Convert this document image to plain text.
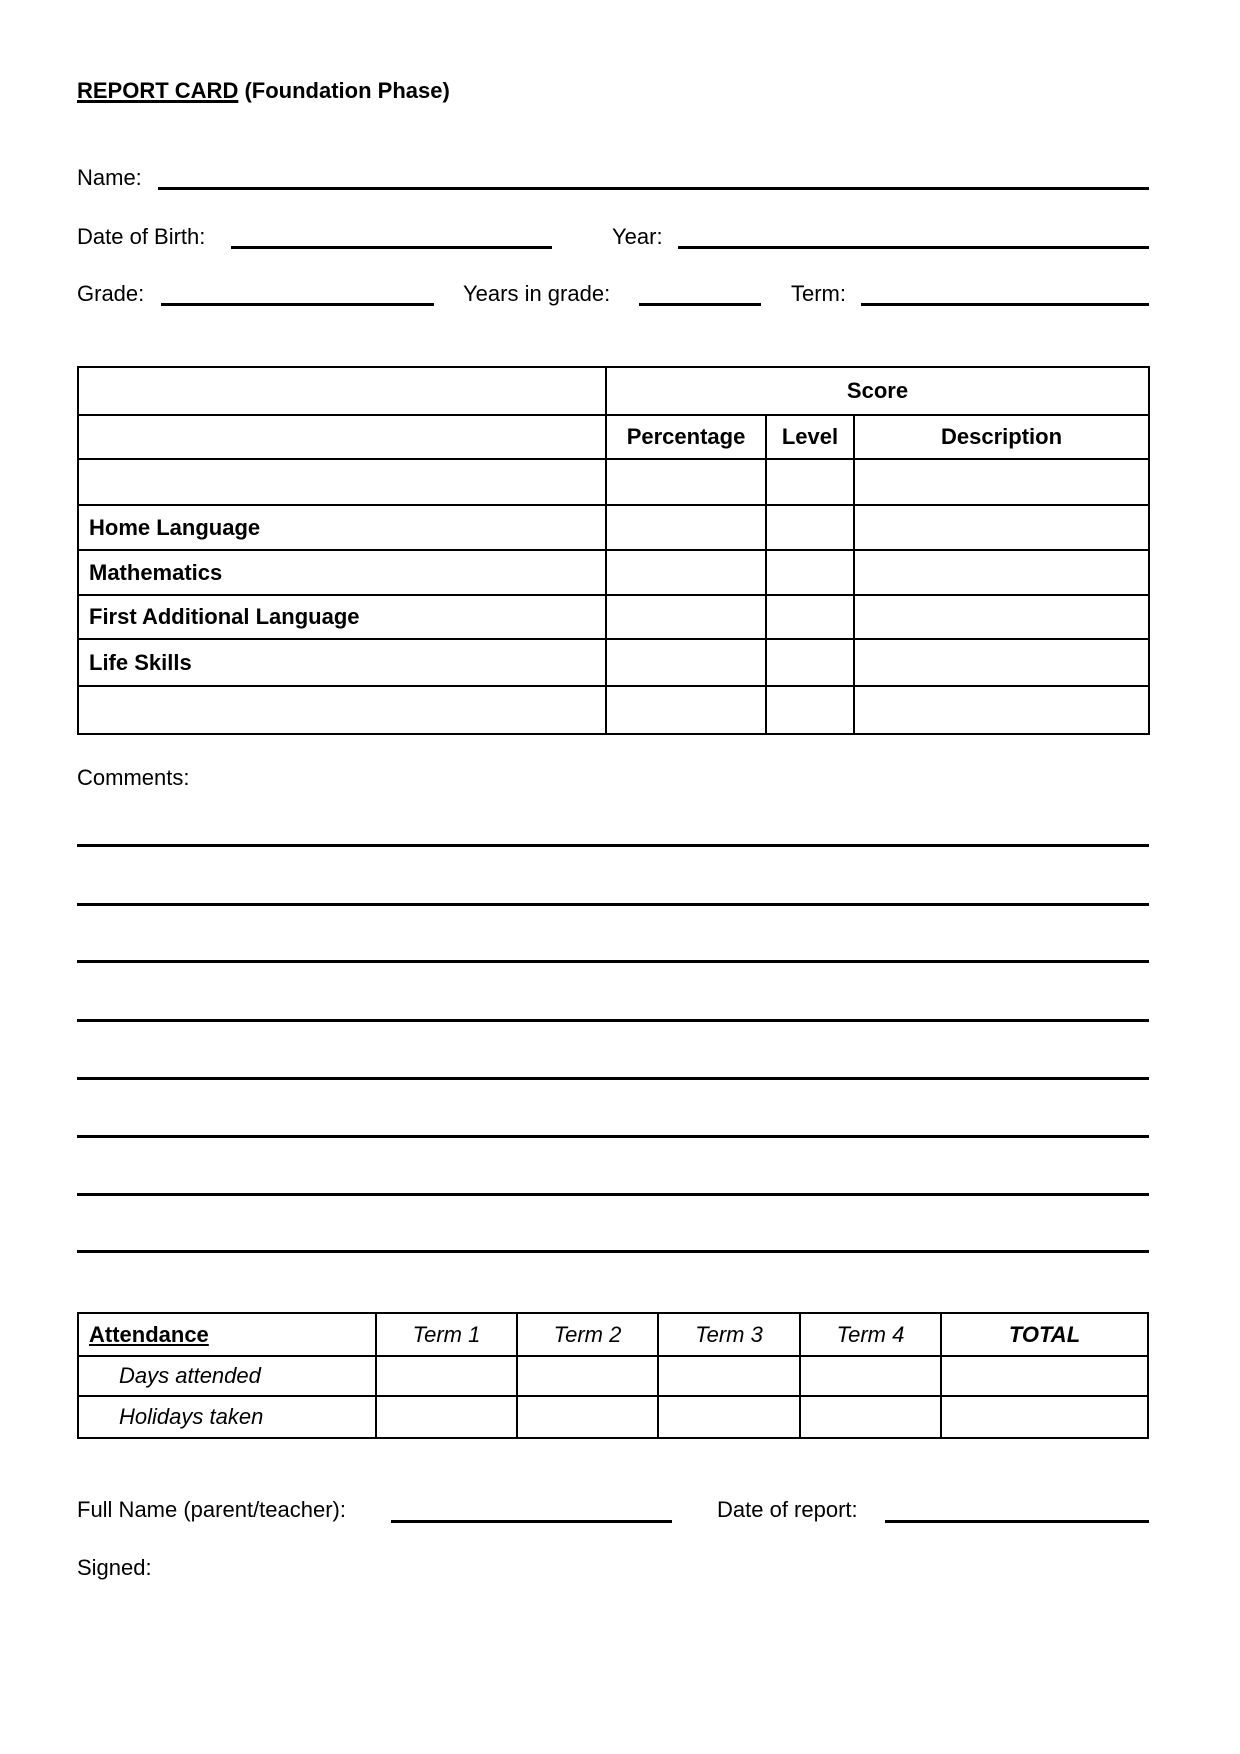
REPORT CARD (Foundation Phase)
Name:
Date of Birth:	Year:
Grade:	Years in grade:	Term:
	Score		
	Percentage	Level	Description

Home Language			
Mathematics			
First Additional Language			
Life Skills			

Comments:
Attendance	Term 1	Term 2	Term 3	Term 4	TOTAL
Days attended					
Holidays taken					
Full Name (parent/teacher):	Date of report:
Signed:
